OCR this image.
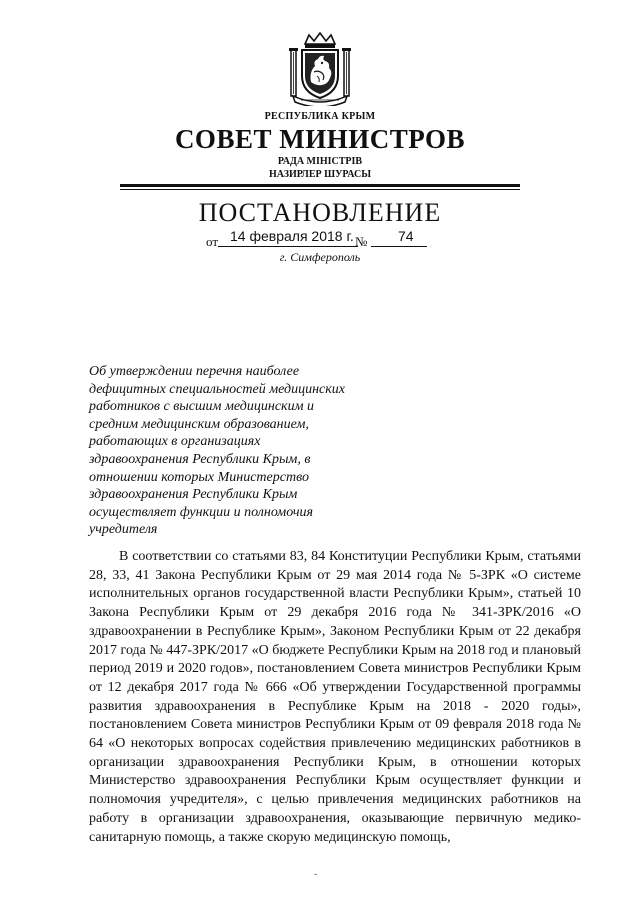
РЕСПУБЛИКА КРЫМ
СОВЕТ МИНИСТРОВ
РАДА МІНІСТРІВ
НАЗИРЛЕР ШУРАСЫ
ПОСТАНОВЛЕНИЕ
от 14 февраля 2018 г. № 74
г. Симферополь
Об утверждении перечня наиболее
дефицитных специальностей медицинских
работников с высшим медицинским и
средним медицинским образованием,
работающих в организациях
здравоохранения Республики Крым, в
отношении которых Министерство
здравоохранения Республики Крым
осуществляет функции и полномочия
учредителя
В соответствии со статьями 83, 84 Конституции Республики Крым, статьями 28, 33, 41 Закона Республики Крым от 29 мая 2014 года № 5-ЗРК «О системе исполнительных органов государственной власти Республики Крым», статьей 10 Закона Республики Крым от 29 декабря 2016 года № 341-ЗРК/2016 «О здравоохранении в Республике Крым», Законом Республики Крым от 22 декабря 2017 года № 447-ЗРК/2017 «О бюджете Республики Крым на 2018 год и плановый период 2019 и 2020 годов», постановлением Совета министров Республики Крым от 12 декабря 2017 года № 666 «Об утверждении Государственной программы развития здравоохранения в Республике Крым на 2018 - 2020 годы», постановлением Совета министров Республики Крым от 09 февраля 2018 года № 64 «О некоторых вопросах содействия привлечению медицинских работников в организации здравоохранения Республики Крым, в отношении которых Министерство здравоохранения Республики Крым осуществляет функции и полномочия учредителя», с целью привлечения медицинских работников на работу в организации здравоохранения, оказывающие первичную медико-санитарную помощь, а также скорую медицинскую помощь,
˘
